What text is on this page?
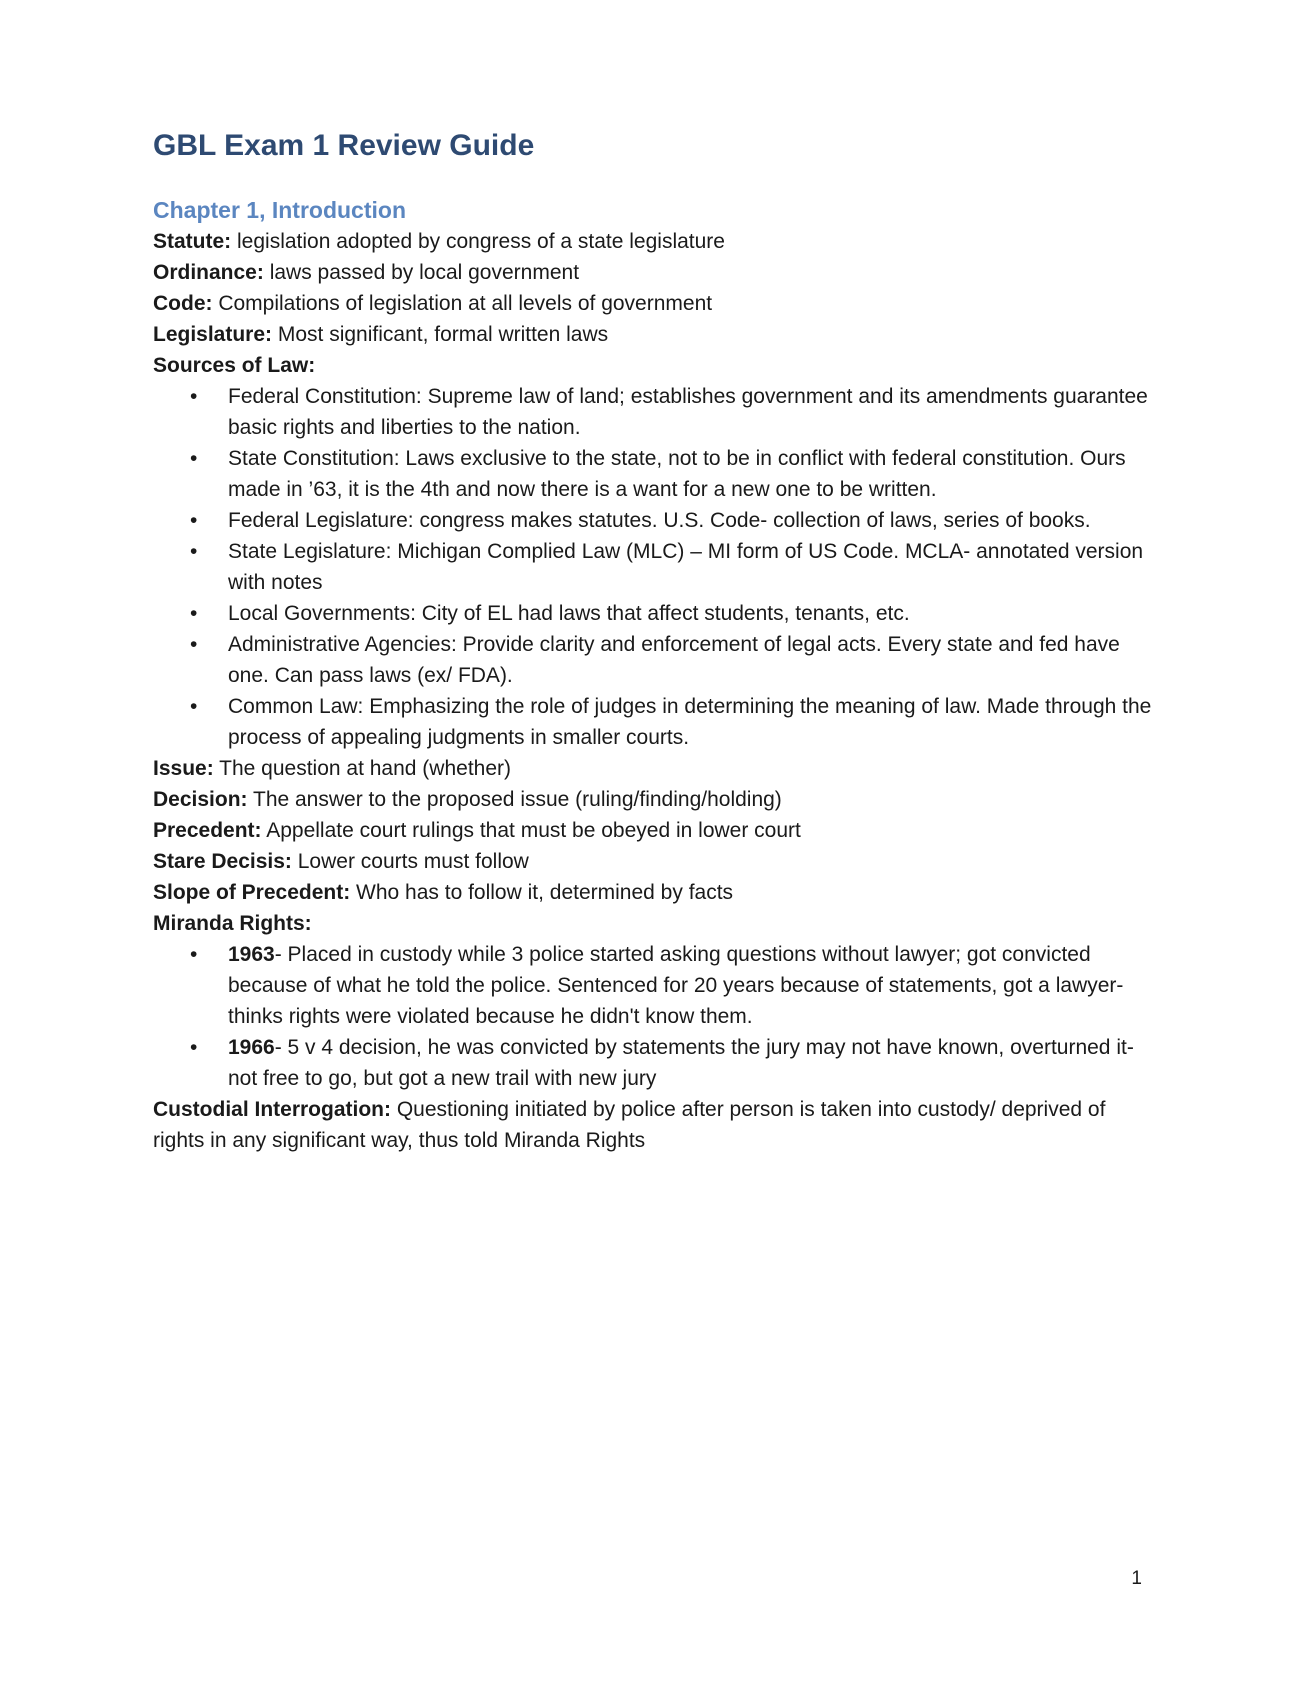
GBL Exam 1 Review Guide
Chapter 1, Introduction
Statute: legislation adopted by congress of a state legislature
Ordinance: laws passed by local government
Code: Compilations of legislation at all levels of government
Legislature: Most significant, formal written laws
Sources of Law:
• Federal Constitution: Supreme law of land; establishes government and its amendments guarantee basic rights and liberties to the nation.
• State Constitution: Laws exclusive to the state, not to be in conflict with federal constitution. Ours made in ’63, it is the 4th and now there is a want for a new one to be written.
• Federal Legislature: congress makes statutes. U.S. Code- collection of laws, series of books.
• State Legislature: Michigan Complied Law (MLC) – MI form of US Code. MCLA- annotated version with notes
• Local Governments: City of EL had laws that affect students, tenants, etc.
• Administrative Agencies: Provide clarity and enforcement of legal acts. Every state and fed have one. Can pass laws (ex/ FDA).
• Common Law: Emphasizing the role of judges in determining the meaning of law. Made through the process of appealing judgments in smaller courts.
Issue: The question at hand (whether)
Decision: The answer to the proposed issue (ruling/finding/holding)
Precedent: Appellate court rulings that must be obeyed in lower court
Stare Decisis: Lower courts must follow
Slope of Precedent: Who has to follow it, determined by facts
Miranda Rights:
• 1963- Placed in custody while 3 police started asking questions without lawyer; got convicted because of what he told the police. Sentenced for 20 years because of statements, got a lawyer- thinks rights were violated because he didn't know them.
• 1966- 5 v 4 decision, he was convicted by statements the jury may not have known, overturned it- not free to go, but got a new trail with new jury
Custodial Interrogation: Questioning initiated by police after person is taken into custody/ deprived of rights in any significant way, thus told Miranda Rights
1
